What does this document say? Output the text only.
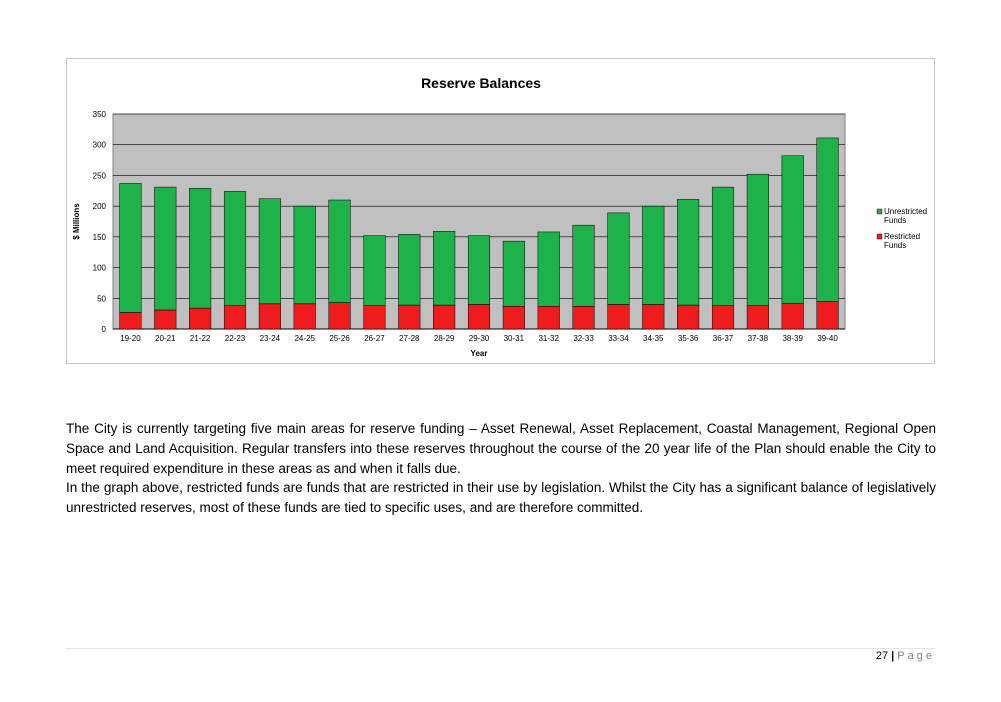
Reserve Balances
0
50
100
150
200
250
300
350
19-20 20-21 21-22 22-23 23-24 24-25 25-26 26-27 27-28 28-29 29-30 30-31 31-32 32-33 33-34 34-35 35-36 36-37 37-38 38-39 39-40
Year
$ Millions	Unrestricted
Funds
Restricted
Funds

The City is currently targeting five main areas for reserve funding – Asset Renewal, Asset Replacement, Coastal Management, Regional Open Space and Land Acquisition. Regular transfers into these reserves throughout the course of the 20 year life of the Plan should enable the City to meet required expenditure in these areas as and when it falls due.

In the graph above, restricted funds are funds that are restricted in their use by legislation. Whilst the City has a significant balance of legislatively unrestricted reserves, most of these funds are tied to specific uses, and are therefore committed.

27 | Page
